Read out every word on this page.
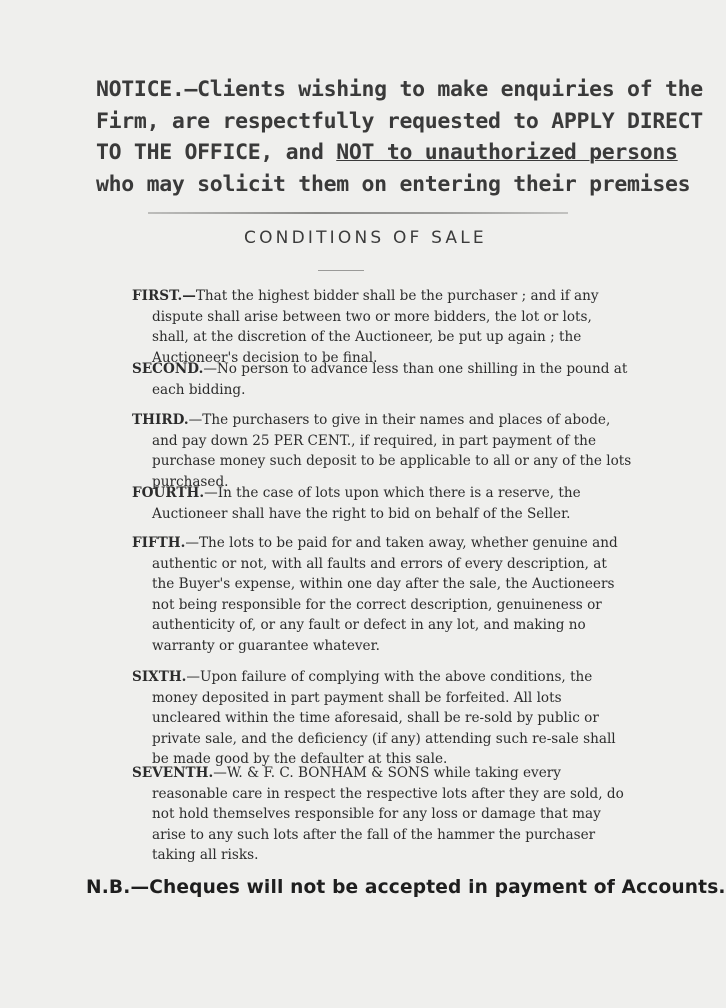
NOTICE.—Clients wishing to make enquiries of the
Firm, are respectfully requested to APPLY DIRECT
TO THE OFFICE, and NOT to unauthorized persons
who may solicit them on entering their premises
CONDITIONS OF SALE

FIRST.—That the highest bidder shall be the purchaser ; and if any dispute shall arise between two or more bidders, the lot or lots, shall, at the discretion of the Auctioneer, be put up again ; the Auctioneer's decision to be final.

SECOND.—No person to advance less than one shilling in the pound at each bidding.

THIRD.—The purchasers to give in their names and places of abode, and pay down 25 PER CENT., if required, in part payment of the purchase money such deposit to be applicable to all or any of the lots purchased.

FOURTH.—In the case of lots upon which there is a reserve, the Auctioneer shall have the right to bid on behalf of the Seller.

FIFTH.—The lots to be paid for and taken away, whether genuine and authentic or not, with all faults and errors of every description, at the Buyer's expense, within one day after the sale, the Auctioneers not being responsible for the correct description, genuineness or authenticity of, or any fault or defect in any lot, and making no warranty or guarantee whatever.

SIXTH.—Upon failure of complying with the above conditions, the money deposited in part payment shall be forfeited. All lots uncleared within the time aforesaid, shall be re-sold by public or private sale, and the deficiency (if any) attending such re-sale shall be made good by the defaulter at this sale.

SEVENTH.—W. & F. C. BONHAM & SONS while taking every reasonable care in respect the respective lots after they are sold, do not hold themselves responsible for any loss or damage that may arise to any such lots after the fall of the hammer the purchaser taking all risks.

N.B.—Cheques will not be accepted in payment of Accounts.
